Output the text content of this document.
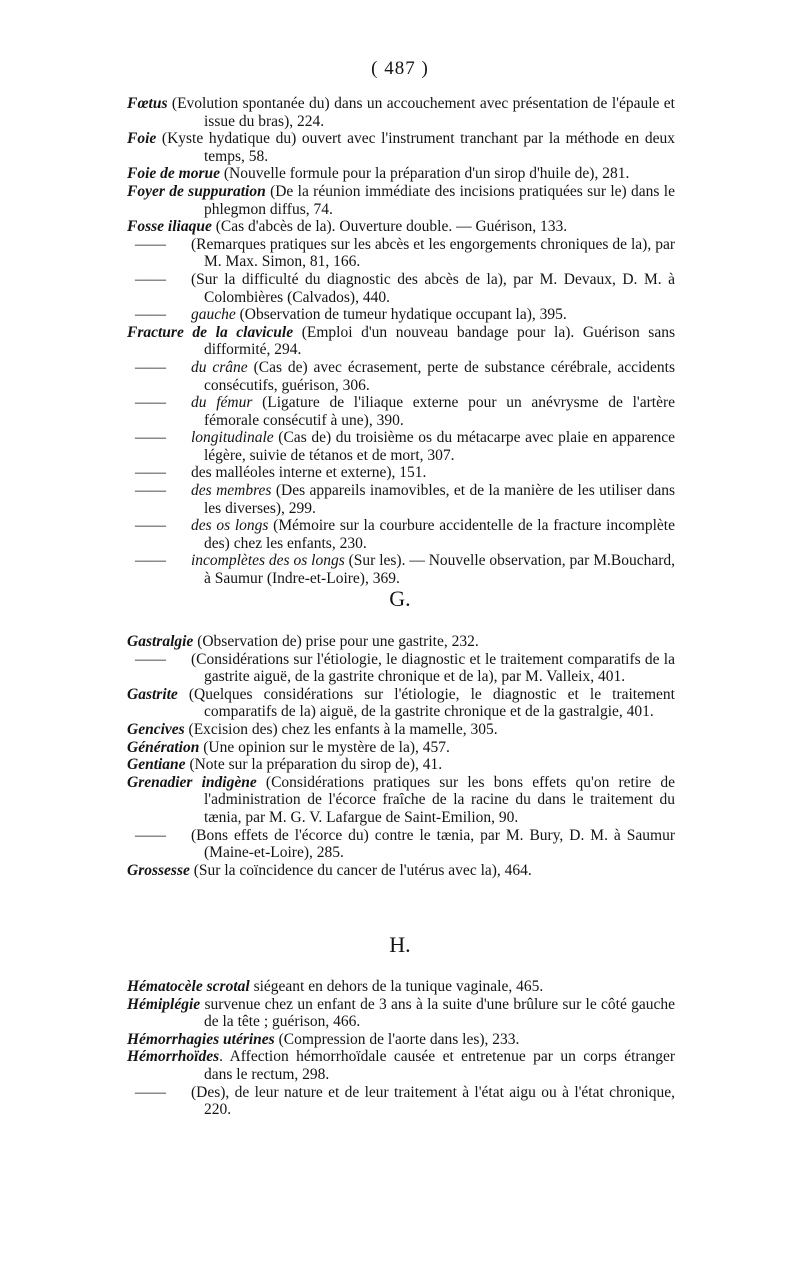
( 487 )
Fœtus (Evolution spontanée du) dans un accouchement avec présentation de l'épaule et issue du bras), 224.
Foie (Kyste hydatique du) ouvert avec l'instrument tranchant par la méthode en deux temps, 58.
Foie de morue (Nouvelle formule pour la préparation d'un sirop d'huile de), 281.
Foyer de suppuration (De la réunion immédiate des incisions pratiquées sur le) dans le phlegmon diffus, 74.
Fosse iliaque (Cas d'abcès de la). Ouverture double. — Guérison, 133.
—— (Remarques pratiques sur les abcès et les engorgements chroniques de la), par M. Max. Simon, 81, 166.
—— (Sur la difficulté du diagnostic des abcès de la), par M. Devaux, D. M. à Colombières (Calvados), 440.
—— gauche (Observation de tumeur hydatique occupant la), 395.
Fracture de la clavicule (Emploi d'un nouveau bandage pour la). Guérison sans difformité, 294.
—— du crâne (Cas de) avec écrasement, perte de substance cérébrale, accidents consécutifs, guérison, 306.
—— du fémur (Ligature de l'iliaque externe pour un anévrysme de l'artère fémorale consécutif à une), 390.
—— longitudinale (Cas de) du troisième os du métacarpe avec plaie en apparence légère, suivie de tétanos et de mort, 307.
—— des malléoles interne et externe), 151.
—— des membres (Des appareils inamovibles, et de la manière de les utiliser dans les diverses), 299.
—— des os longs (Mémoire sur la courbure accidentelle de la fracture incomplète des) chez les enfants, 230.
—— incomplètes des os longs (Sur les). — Nouvelle observation, par M.Bouchard, à Saumur (Indre-et-Loire), 369.
G.
Gastralgie (Observation de) prise pour une gastrite, 232.
—— (Considérations sur l'étiologie, le diagnostic et le traitement comparatifs de la gastrite aiguë, de la gastrite chronique et de la), par M. Valleix, 401.
Gastrite (Quelques considérations sur l'étiologie, le diagnostic et le traitement comparatifs de la) aiguë, de la gastrite chronique et de la gastralgie, 401.
Gencives (Excision des) chez les enfants à la mamelle, 305.
Génération (Une opinion sur le mystère de la), 457.
Gentiane (Note sur la préparation du sirop de), 41.
Grenadier indigène (Considérations pratiques sur les bons effets qu'on retire de l'administration de l'écorce fraîche de la racine du dans le traitement du tænia, par M. G. V. Lafargue de Saint-Emilion, 90.
—— (Bons effets de l'écorce du) contre le tænia, par M. Bury, D. M. à Saumur (Maine-et-Loire), 285.
Grossesse (Sur la coïncidence du cancer de l'utérus avec la), 464.
H.
Hématocèle scrotal siégeant en dehors de la tunique vaginale, 465.
Hémiplégie survenue chez un enfant de 3 ans à la suite d'une brûlure sur le côté gauche de la tête ; guérison, 466.
Hémorrhagies utérines (Compression de l'aorte dans les), 233.
Hémorrhoïdes. Affection hémorrhoïdale causée et entretenue par un corps étranger dans le rectum, 298.
—— (Des), de leur nature et de leur traitement à l'état aigu ou à l'état chronique, 220.
